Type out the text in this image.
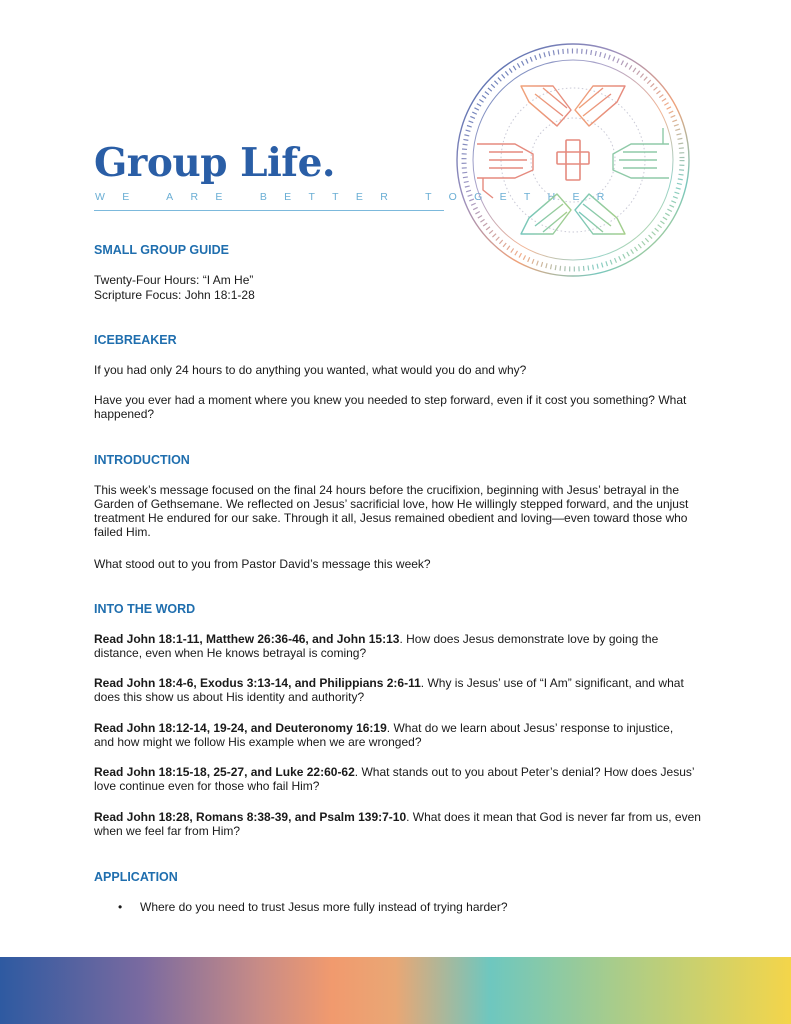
Group Life.

WE ARE BETTER TOGETHER

SMALL GROUP GUIDE

Twenty-Four Hours: “I Am He”

Scripture Focus: John 18:1-28

ICEBREAKER

If you had only 24 hours to do anything you wanted, what would you do and why?

Have you ever had a moment where you knew you needed to step forward, even if it cost you something? What happened?

INTRODUCTION

This week’s message focused on the final 24 hours before the crucifixion, beginning with Jesus’ betrayal in the Garden of Gethsemane. We reflected on Jesus’ sacrificial love, how He willingly stepped forward, and the unjust treatment He endured for our sake. Through it all, Jesus remained obedient and loving—even toward those who failed Him.

What stood out to you from Pastor David’s message this week?

INTO THE WORD

Read John 18:1-11, Matthew 26:36-46, and John 15:13. How does Jesus demonstrate love by going the distance, even when He knows betrayal is coming?

Read John 18:4-6, Exodus 3:13-14, and Philippians 2:6-11. Why is Jesus’ use of “I Am” significant, and what does this show us about His identity and authority?

Read John 18:12-14, 19-24, and Deuteronomy 16:19. What do we learn about Jesus’ response to injustice, and how might we follow His example when we are wronged?

Read John 18:15-18, 25-27, and Luke 22:60-62. What stands out to you about Peter’s denial? How does Jesus’ love continue even for those who fail Him?

Read John 18:28, Romans 8:38-39, and Psalm 139:7-10. What does it mean that God is never far from us, even when we feel far from Him?

APPLICATION

• Where do you need to trust Jesus more fully instead of trying harder?
